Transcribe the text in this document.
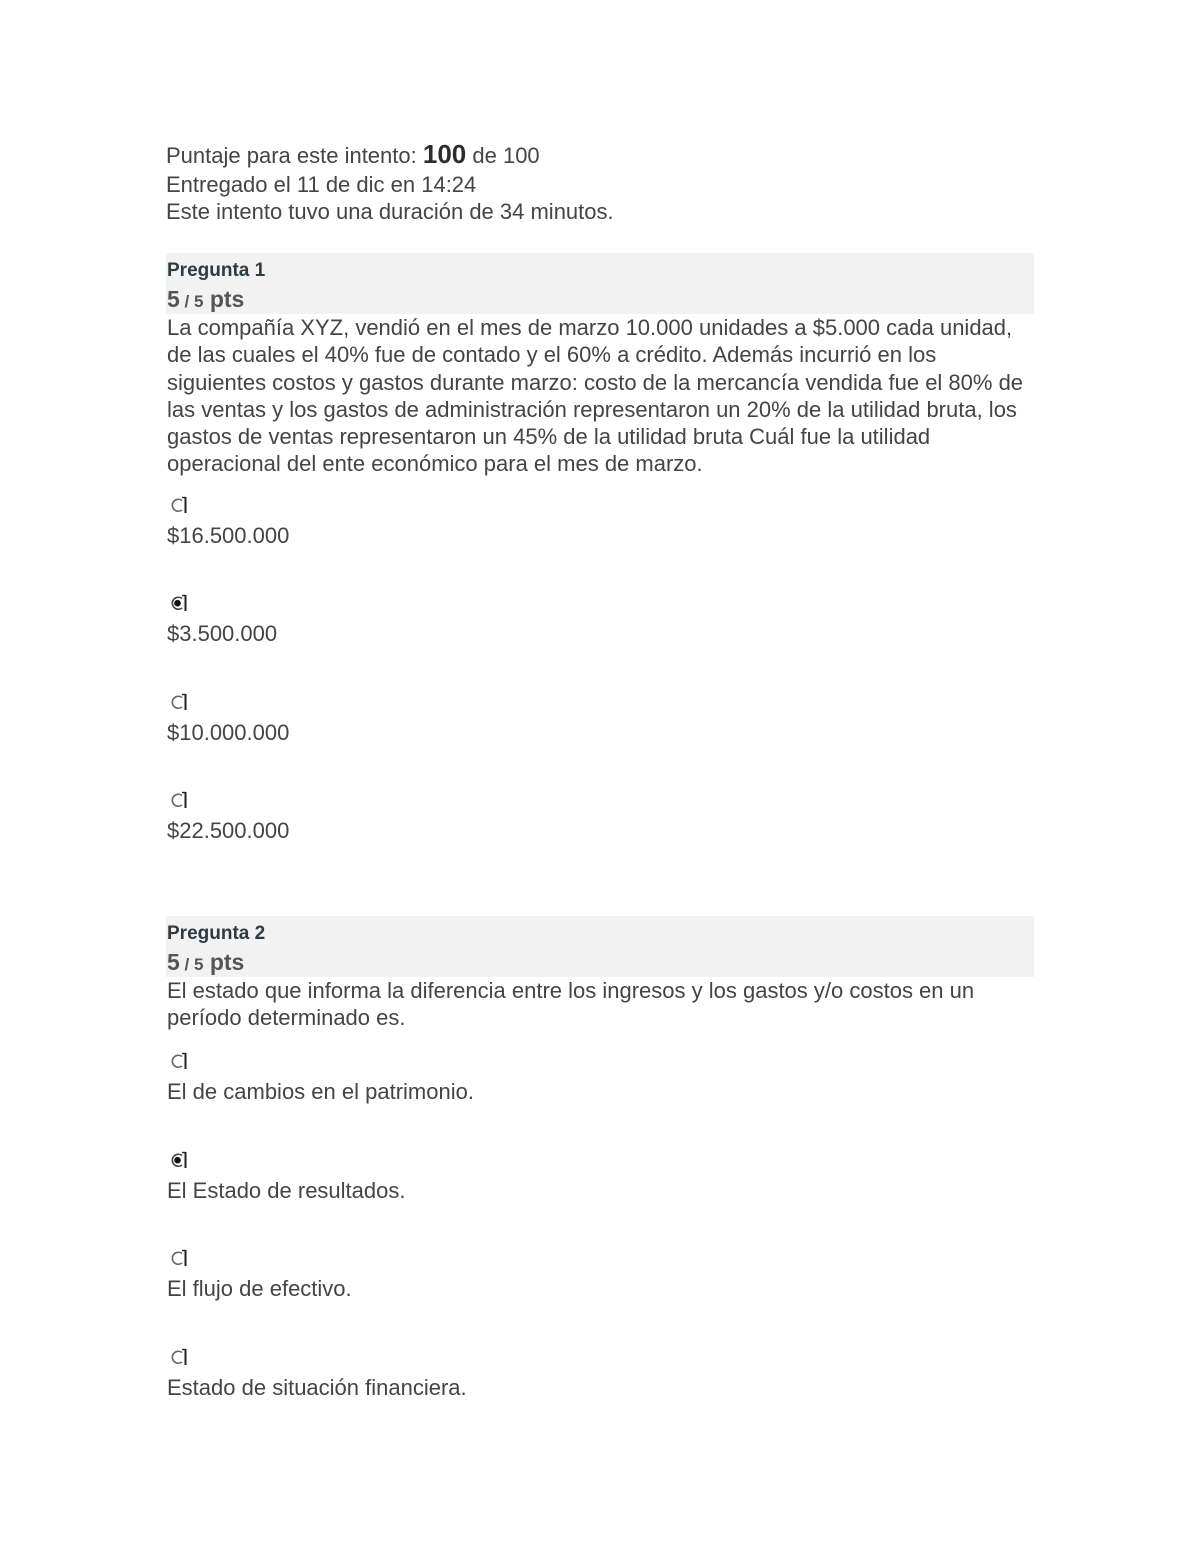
Puntaje para este intento: 100 de 100
Entregado el 11 de dic en 14:24
Este intento tuvo una duración de 34 minutos.
Pregunta 1
5 / 5 pts

La compañía XYZ, vendió en el mes de marzo 10.000 unidades a $5.000 cada unidad, de las cuales el 40% fue de contado y el 60% a crédito. Además incurrió en los siguientes costos y gastos durante marzo: costo de la mercancía vendida fue el 80% de las ventas y los gastos de administración representaron un 20% de la utilidad bruta, los gastos de ventas representaron un 45% de la utilidad bruta Cuál fue la utilidad operacional del ente económico para el mes de marzo.

$16.500.000
$3.500.000
$10.000.000
$22.500.000
Pregunta 2
5 / 5 pts

El estado que informa la diferencia entre los ingresos y los gastos y/o costos en un período determinado es.

El de cambios en el patrimonio.
El Estado de resultados.
El flujo de efectivo.
Estado de situación financiera.
